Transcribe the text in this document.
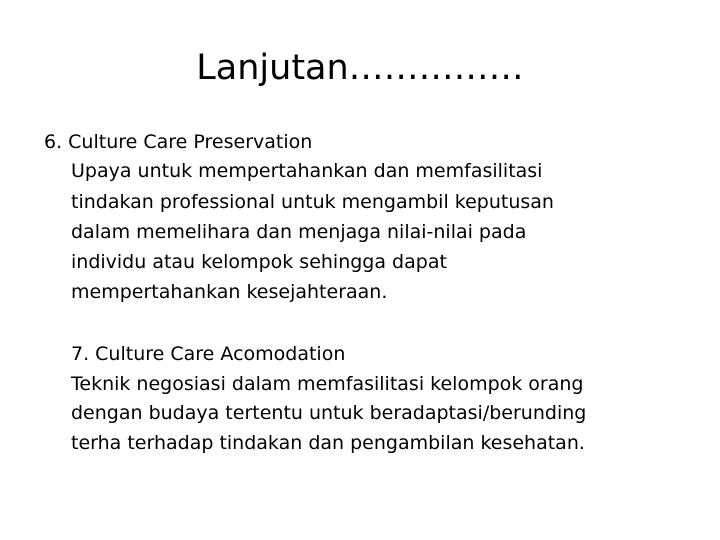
Lanjutan……………
6. Culture Care Preservation
Upaya untuk mempertahankan dan memfasilitasi
tindakan professional untuk mengambil keputusan
dalam memelihara dan menjaga nilai-nilai pada
individu atau kelompok sehingga dapat
mempertahankan kesejahteraan.
7. Culture Care Acomodation
Teknik negosiasi dalam memfasilitasi kelompok orang
dengan budaya tertentu untuk beradaptasi/berunding
terha terhadap tindakan dan pengambilan kesehatan.
